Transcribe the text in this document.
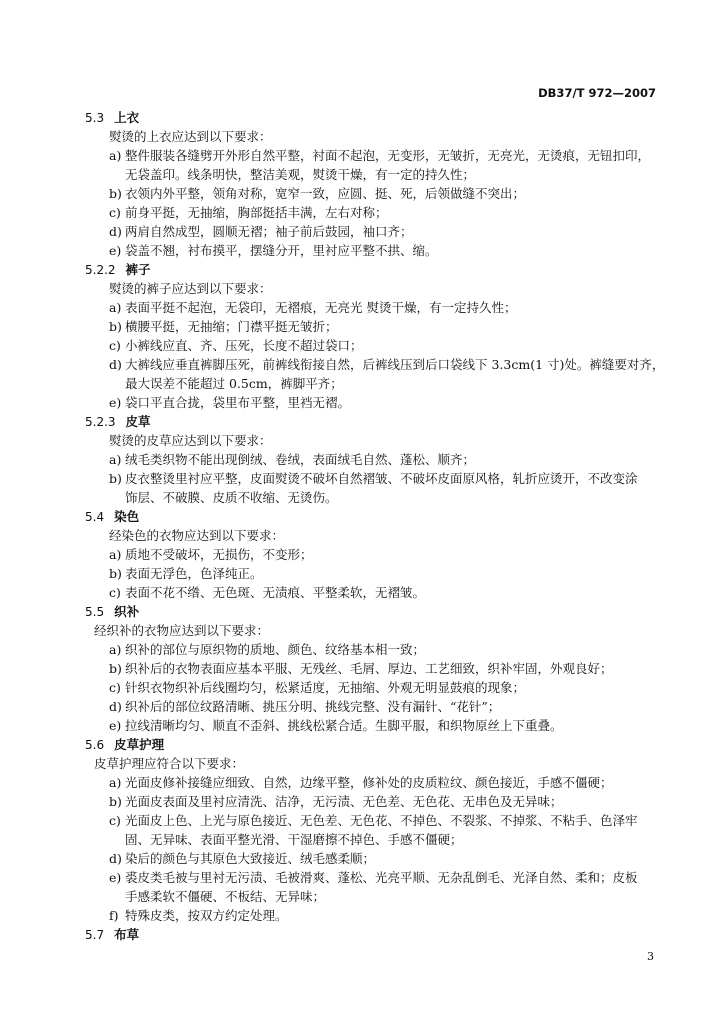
DB37/T 972—2007
5.3 上衣
熨烫的上衣应达到以下要求：
a) 整件服装各缝劈开外形自然平整，衬面不起泡，无变形，无皱折，无亮光，无烫痕，无钮扣印，
无袋盖印。线条明快，整洁美观，熨烫干燥，有一定的持久性；
b) 衣领内外平整，领角对称，宽窄一致，应圆、挺、死，后领做缝不突出；
c) 前身平挺，无抽缩，胸部挺括丰满，左右对称；
d) 两肩自然成型，圆顺无褶；袖子前后鼓园，袖口齐；
e) 袋盖不翘，衬布摸平，摆缝分开，里衬应平整不拱、缩。
5.2.2 裤子
熨烫的裤子应达到以下要求：
a) 表面平挺不起泡，无袋印，无褶痕，无亮光 熨烫干燥，有一定持久性；
b) 横腰平挺，无抽缩；门襟平挺无皱折；
c) 小裤线应直、齐、压死，长度不超过袋口；
d) 大裤线应垂直裤脚压死，前裤线衔接自然，后裤线压到后口袋线下 3.3cm(1 寸)处。裤缝要对齐，
最大误差不能超过 0.5cm，裤脚平齐；
e) 袋口平直合拢，袋里布平整，里裆无褶。
5.2.3 皮草
熨烫的皮草应达到以下要求：
a) 绒毛类织物不能出现倒绒、卷绒，表面绒毛自然、蓬松、顺齐；
b) 皮衣整烫里衬应平整，皮面熨烫不破坏自然褶皱、不破坏皮面原风格，轧折应烫开，不改变涂
饰层、不破膜、皮质不收缩、无烫伤。
5.4 染色
经染色的衣物应达到以下要求：
a) 质地不受破坏，无损伤，不变形；
b) 表面无浮色，色泽纯正。
c) 表面不花不绺、无色斑、无渍痕、平整柔软，无褶皱。
5.5 织补
经织补的衣物应达到以下要求：
a) 织补的部位与原织物的质地、颜色、纹络基本相一致；
b) 织补后的衣物表面应基本平服、无残丝、毛屑、厚边、工艺细致，织补牢固，外观良好；
c) 针织衣物织补后线圈均匀，松紧适度，无抽缩、外观无明显鼓痕的现象；
d) 织补后的部位纹路清晰、挑压分明、挑线完整、没有漏针、“花针”；
e) 拉线清晰均匀、顺直不歪斜、挑线松紧合适。生脚平服，和织物原丝上下重叠。
5.6 皮草护理
皮草护理应符合以下要求：
a) 光面皮修补接缝应细致、自然，边缘平整，修补处的皮质粒纹、颜色接近，手感不僵硬；
b) 光面皮表面及里衬应清洗、洁净，无污渍、无色差、无色花、无串色及无异味；
c) 光面皮上色、上光与原色接近、无色差、无色花、不掉色、不裂浆、不掉浆、不粘手、色泽牢
固、无异味、表面平整光滑、干湿磨擦不掉色、手感不僵硬；
d) 染后的颜色与其原色大致接近、绒毛感柔顺；
e) 裘皮类毛被与里衬无污渍、毛被滑爽、蓬松、光亮平顺、无杂乱倒毛、光泽自然、柔和；皮板
手感柔软不僵硬、不板结、无异味；
f) 特殊皮类，按双方约定处理。
5.7 布草
3
